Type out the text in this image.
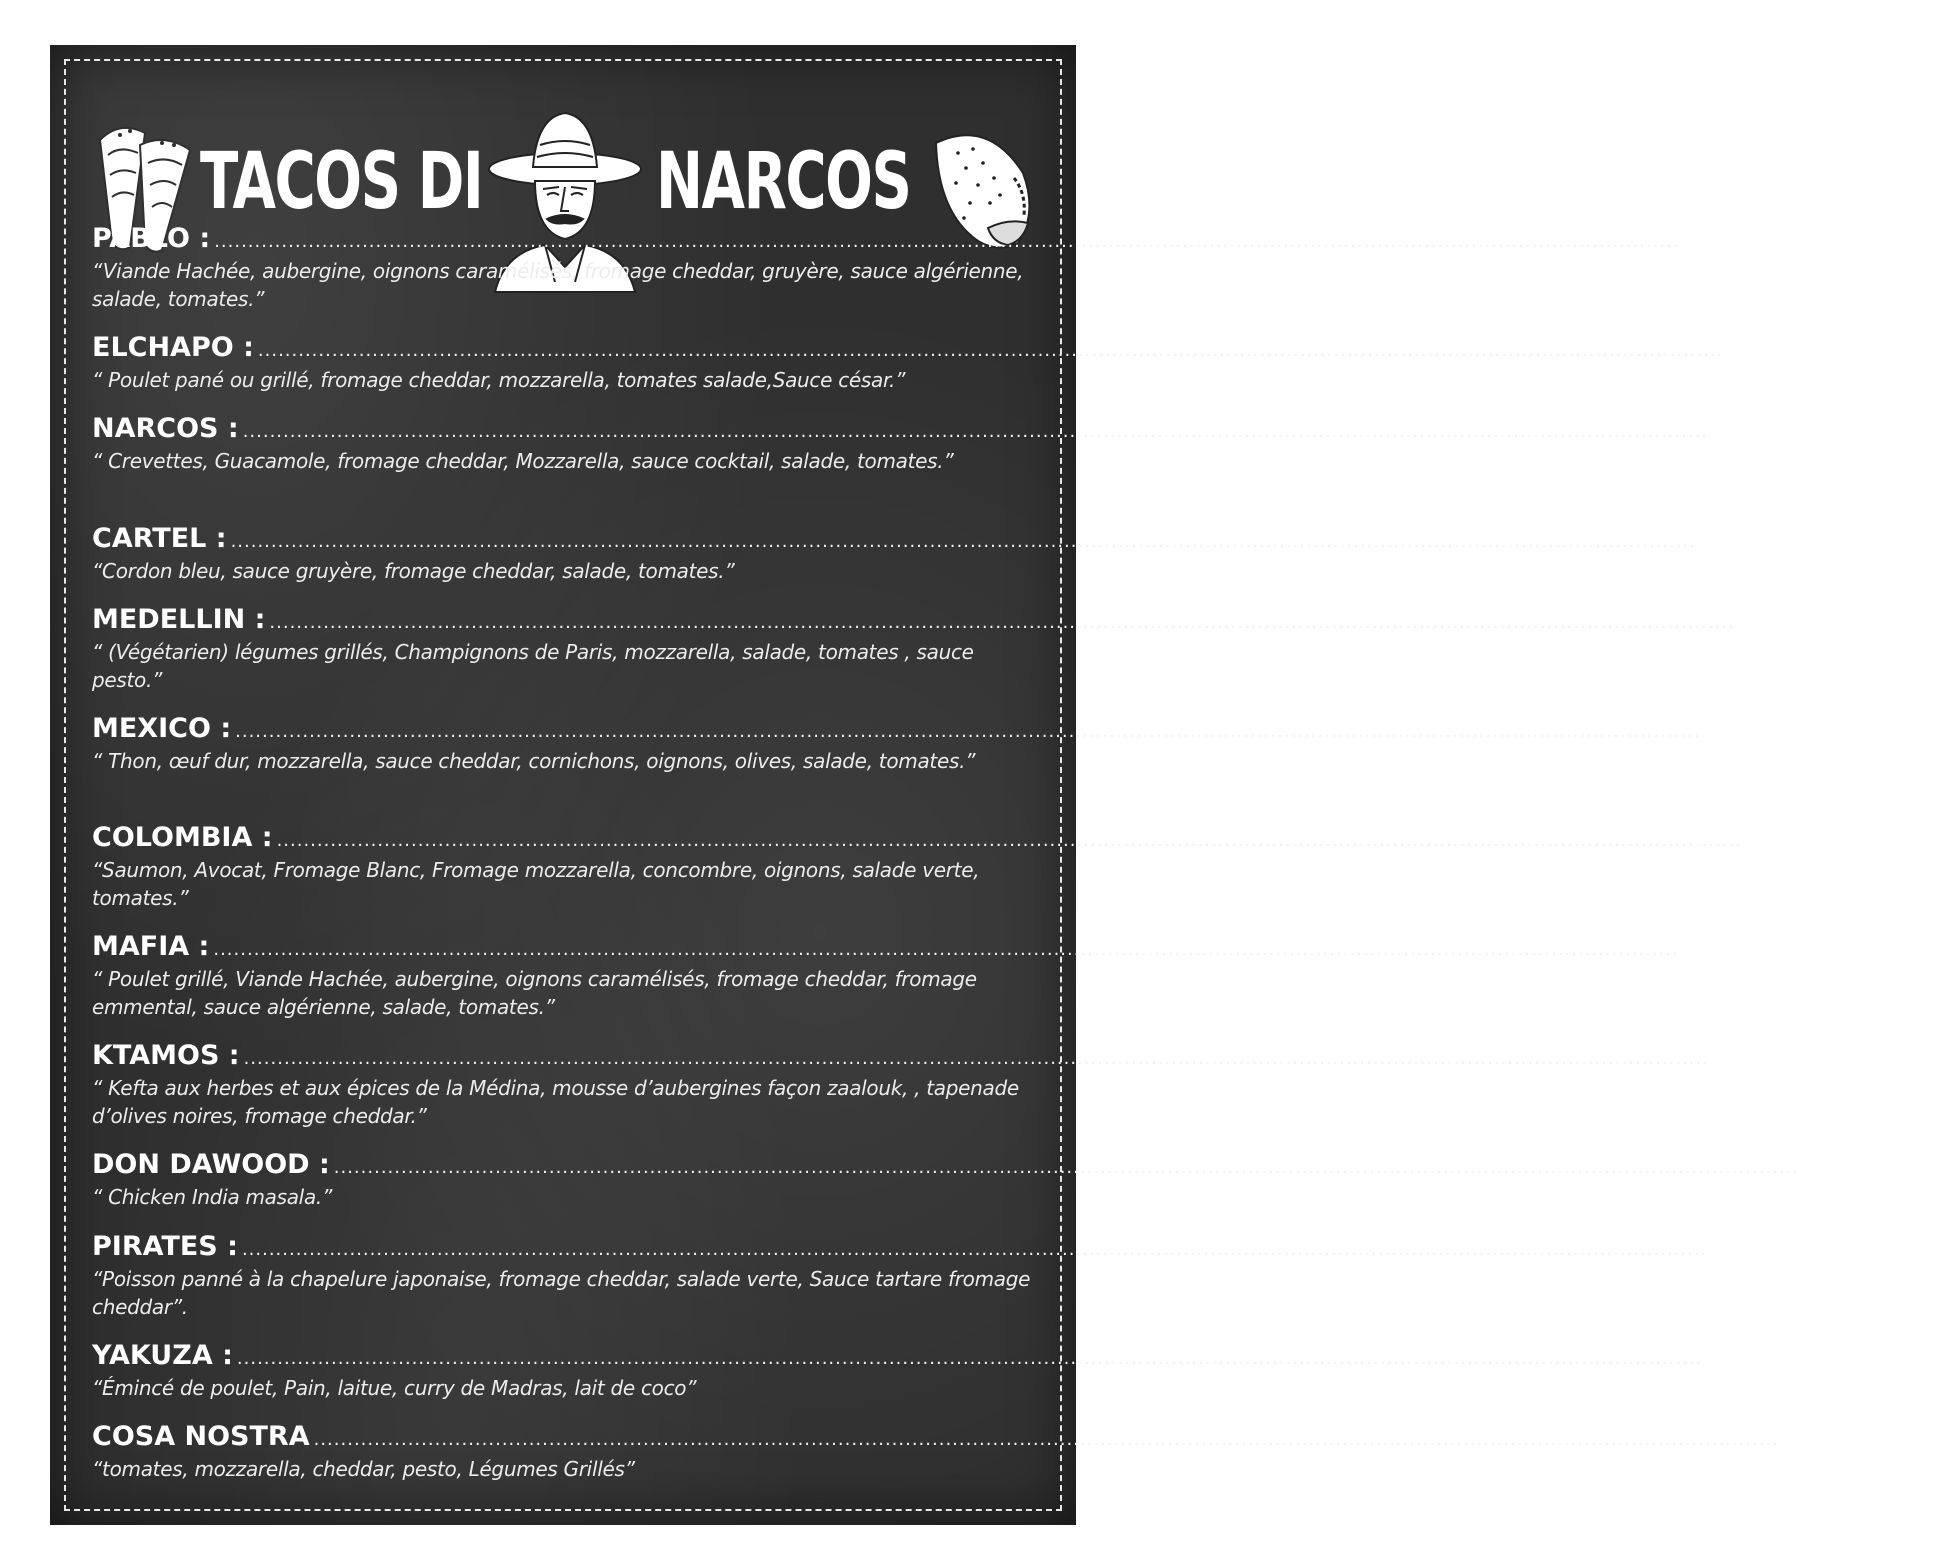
TACOS DI NARCOS
PABLO : .......................................................................................................................................................................................................................... 69,00dhs
“Viande Hachée, aubergine, oignons caramélisés, fromage cheddar, gruyère, sauce algérienne, salade, tomates.”
ELCHAPO : .......................................................................................................................................................................................................................... 59,00dhs
“ Poulet pané ou grillé, fromage cheddar, mozzarella, tomates salade,Sauce césar.”
NARCOS : .......................................................................................................................................................................................................................... 79,00dhs
“ Crevettes, Guacamole, fromage cheddar, Mozzarella, sauce cocktail, salade, tomates.”
CARTEL : .......................................................................................................................................................................................................................... 65.00dhs
“Cordon bleu, sauce gruyère, fromage cheddar, salade, tomates.”
MEDELLIN : .......................................................................................................................................................................................................................... 59.00dhs
“ (Végétarien) légumes grillés, Champignons de Paris, mozzarella, salade, tomates , sauce pesto.”
MEXICO : .......................................................................................................................................................................................................................... 59.00dhs
“ Thon, œuf dur, mozzarella, sauce cheddar, cornichons, oignons, olives, salade, tomates.”
COLOMBIA : .......................................................................................................................................................................................................................... 79.00dhs
“Saumon, Avocat, Fromage Blanc, Fromage mozzarella, concombre, oignons, salade verte, tomates.”
MAFIA : .......................................................................................................................................................................................................................... 75.00dhs
“ Poulet grillé, Viande Hachée, aubergine, oignons caramélisés, fromage cheddar, fromage emmental, sauce algérienne, salade, tomates.”
KTAMOS : .......................................................................................................................................................................................................................... 69.00dhs
“ Kefta aux herbes et aux épices de la Médina, mousse d’aubergines façon zaalouk, , tapenade d’olives noires, fromage cheddar.”
DON DAWOOD : .......................................................................................................................................................................................................................... 89.00dhs
“ Chicken India masala.”
PIRATES : .......................................................................................................................................................................................................................... 75.00dhs
“Poisson panné à la chapelure japonaise, fromage cheddar, salade verte, Sauce tartare fromage cheddar”.
YAKUZA : .......................................................................................................................................................................................................................... 55.00dhs
“Émincé de poulet, Pain, laitue, curry de Madras, lait de coco”
COSA NOSTRA .......................................................................................................................................................................................................................... 59.00dhs
“tomates, mozzarella, cheddar, pesto, Légumes Grillés”
